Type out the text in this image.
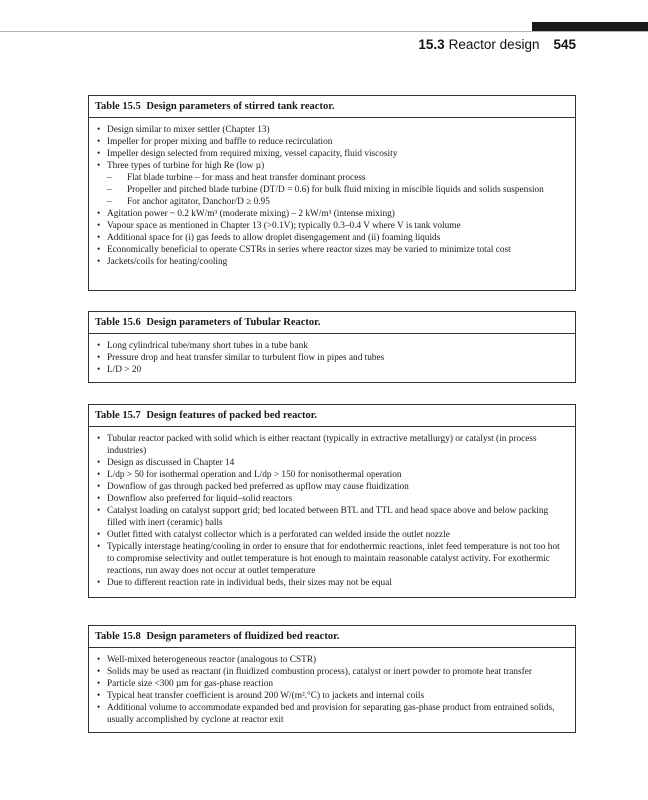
15.3 Reactor design 545
Table 15.5 Design parameters of stirred tank reactor.
• Design similar to mixer settler (Chapter 13)
• Impeller for proper mixing and baffle to reduce recirculation
• Impeller design selected from required mixing, vessel capacity, fluid viscosity
• Three types of turbine for high Re (low µ)
– Flat blade turbine – for mass and heat transfer dominant process
– Propeller and pitched blade turbine (DT/D = 0.6) for bulk fluid mixing in miscible liquids and solids suspension
– For anchor agitator, Danchor/D ≥ 0.95
• Agitation power ~ 0.2 kW/m³ (moderate mixing) – 2 kW/m³ (intense mixing)
• Vapour space as mentioned in Chapter 13 (>0.1V); typically 0.3–0.4 V where V is tank volume
• Additional space for (i) gas feeds to allow droplet disengagement and (ii) foaming liquids
• Economically beneficial to operate CSTRs in series where reactor sizes may be varied to minimize total cost
• Jackets/coils for heating/cooling
Table 15.6 Design parameters of Tubular Reactor.
• Long cylindrical tube/many short tubes in a tube bank
• Pressure drop and heat transfer similar to turbulent flow in pipes and tubes
• L/D > 20
Table 15.7 Design features of packed bed reactor.
• Tubular reactor packed with solid which is either reactant (typically in extractive metallurgy) or catalyst (in process industries)
• Design as discussed in Chapter 14
• L/dp > 50 for isothermal operation and L/dp > 150 for nonisothermal operation
• Downflow of gas through packed bed preferred as upflow may cause fluidization
• Downflow also preferred for liquid–solid reactors
• Catalyst loading on catalyst support grid; bed located between BTL and TTL and head space above and below packing filled with inert (ceramic) balls
• Outlet fitted with catalyst collector which is a perforated can welded inside the outlet nozzle
• Typically interstage heating/cooling in order to ensure that for endothermic reactions, inlet feed temperature is not too hot to compromise selectivity and outlet temperature is hot enough to maintain reasonable catalyst activity. For exothermic reactions, run away does not occur at outlet temperature
• Due to different reaction rate in individual beds, their sizes may not be equal
Table 15.8 Design parameters of fluidized bed reactor.
• Well-mixed heterogeneous reactor (analogous to CSTR)
• Solids may be used as reactant (in fluidized combustion process), catalyst or inert powder to promote heat transfer
• Particle size <300 µm for gas-phase reaction
• Typical heat transfer coefficient is around 200 W/(m².°C) to jackets and internal coils
• Additional volume to accommodate expanded bed and provision for separating gas-phase product from entrained solids, usually accomplished by cyclone at reactor exit
